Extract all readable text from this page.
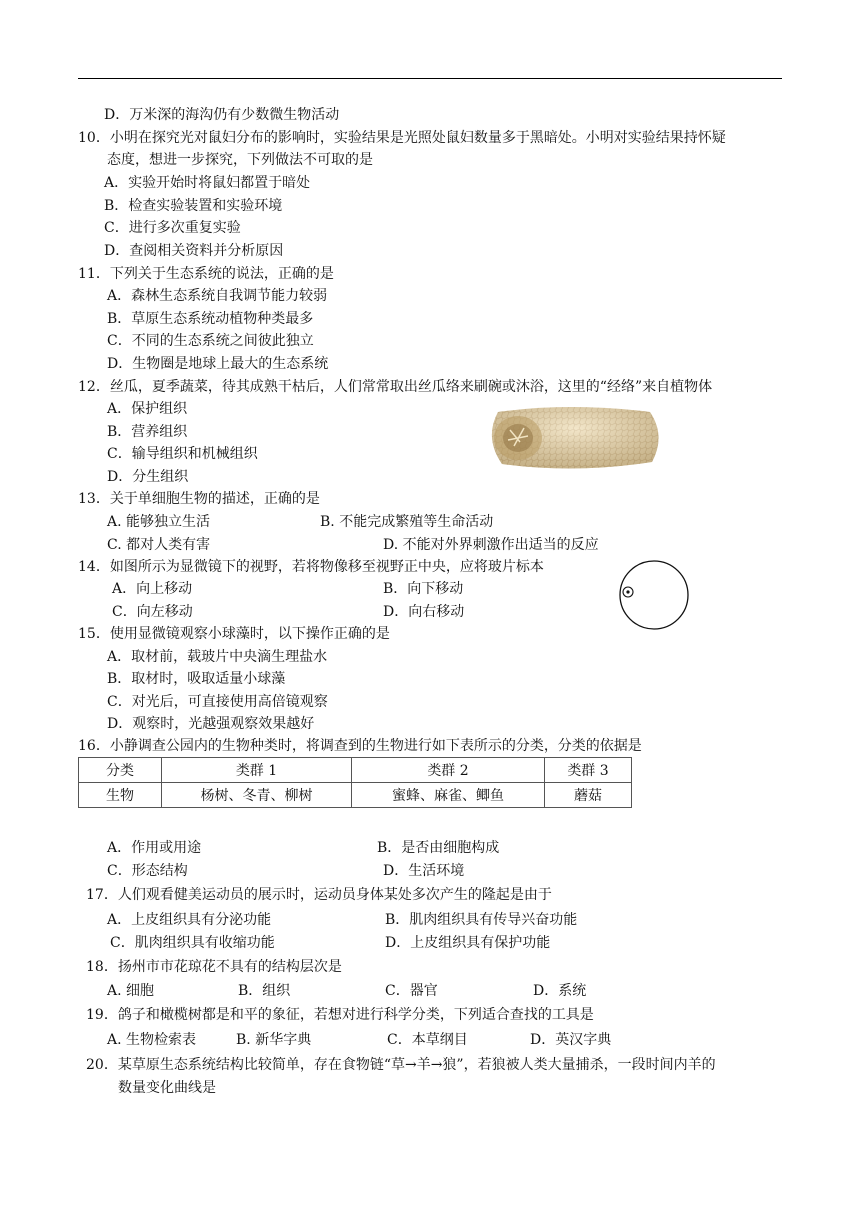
D．万米深的海沟仍有少数微生物活动
10．小明在探究光对鼠妇分布的影响时，实验结果是光照处鼠妇数量多于黑暗处。小明对实验结果持怀疑
态度，想进一步探究，下列做法不可取的是
A．实验开始时将鼠妇都置于暗处
B．检查实验装置和实验环境
C．进行多次重复实验
D．查阅相关资料并分析原因
11．下列关于生态系统的说法，正确的是
A．森林生态系统自我调节能力较弱
B．草原生态系统动植物种类最多
C．不同的生态系统之间彼此独立
D．生物圈是地球上最大的生态系统
12．丝瓜，夏季蔬菜，待其成熟干枯后，人们常常取出丝瓜络来刷碗或沐浴，这里的“经络”来自植物体
A．保护组织
B．营养组织
C．输导组织和机械组织
D．分生组织
13．关于单细胞生物的描述，正确的是
A. 能够独立生活	B. 不能完成繁殖等生命活动
C. 都对人类有害	D. 不能对外界刺激作出适当的反应
14．如图所示为显微镜下的视野，若将物像移至视野正中央，应将玻片标本
A．向上移动	B．向下移动
C．向左移动	D．向右移动
15．使用显微镜观察小球藻时，以下操作正确的是
A．取材前，载玻片中央滴生理盐水
B．取材时，吸取适量小球藻
C．对光后，可直接使用高倍镜观察
D．观察时，光越强观察效果越好
16．小静调查公园内的生物种类时，将调查到的生物进行如下表所示的分类，分类的依据是
分类	类群 1	类群 2	类群 3
生物	杨树、冬青、柳树	蜜蜂、麻雀、鲫鱼	蘑菇
A．作用或用途	B．是否由细胞构成
C．形态结构	D．生活环境
17．人们观看健美运动员的展示时，运动员身体某处多次产生的隆起是由于
A．上皮组织具有分泌功能	B．肌肉组织具有传导兴奋功能
C．肌肉组织具有收缩功能	D．上皮组织具有保护功能
18．扬州市市花琼花不具有的结构层次是
A. 细胞	B．组织	C．器官	D．系统
19．鸽子和橄榄树都是和平的象征，若想对进行科学分类，下列适合查找的工具是
A. 生物检索表	B. 新华字典	C．本草纲目	D．英汉字典
20．某草原生态系统结构比较简单，存在食物链“草→羊→狼”，若狼被人类大量捕杀，一段时间内羊的
数量变化曲线是
